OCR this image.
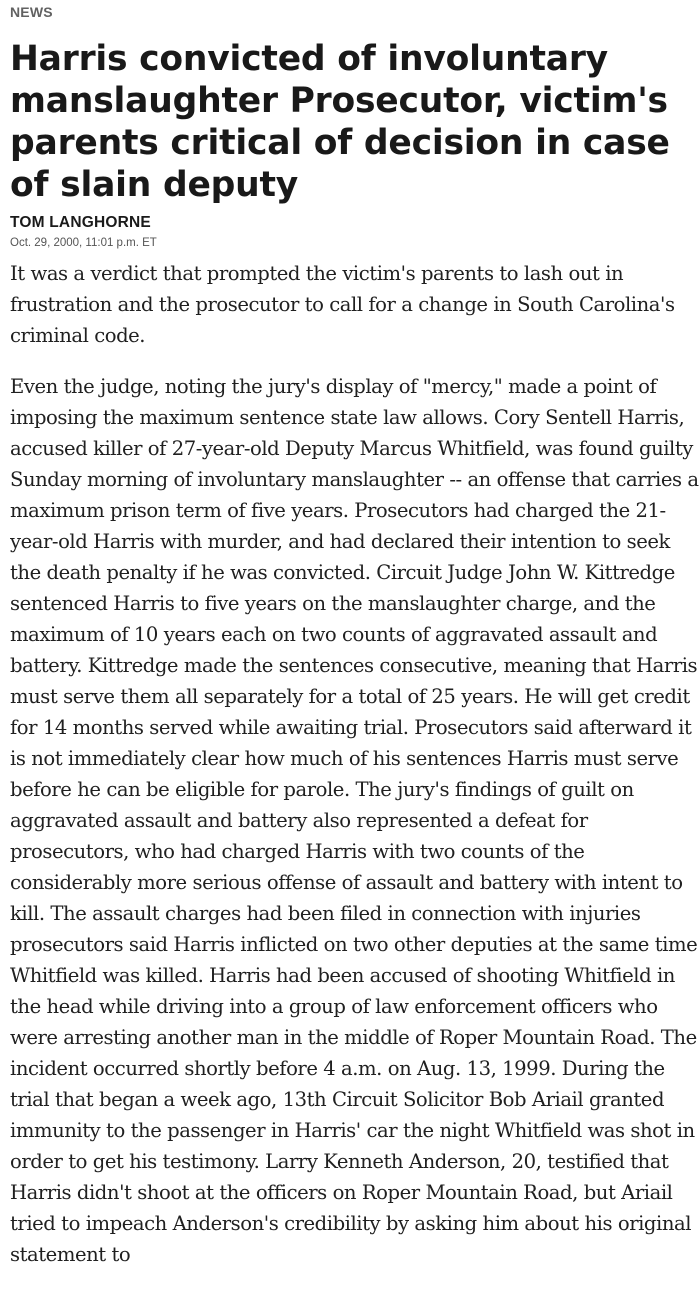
NEWS
Harris convicted of involuntary manslaughter Prosecutor, victim's parents critical of decision in case of slain deputy
TOM LANGHORNE
Oct. 29, 2000, 11:01 p.m. ET

It was a verdict that prompted the victim's parents to lash out in frustration and the prosecutor to call for a change in South Carolina's criminal code.

Even the judge, noting the jury's display of "mercy," made a point of imposing the maximum sentence state law allows. Cory Sentell Harris, accused killer of 27-year-old Deputy Marcus Whitfield, was found guilty Sunday morning of involuntary manslaughter -- an offense that carries a maximum prison term of five years. Prosecutors had charged the 21-year-old Harris with murder, and had declared their intention to seek the death penalty if he was convicted. Circuit Judge John W. Kittredge sentenced Harris to five years on the manslaughter charge, and the maximum of 10 years each on two counts of aggravated assault and battery. Kittredge made the sentences consecutive, meaning that Harris must serve them all separately for a total of 25 years. He will get credit for 14 months served while awaiting trial. Prosecutors said afterward it is not immediately clear how much of his sentences Harris must serve before he can be eligible for parole. The jury's findings of guilt on aggravated assault and battery also represented a defeat for prosecutors, who had charged Harris with two counts of the considerably more serious offense of assault and battery with intent to kill. The assault charges had been filed in connection with injuries prosecutors said Harris inflicted on two other deputies at the same time Whitfield was killed. Harris had been accused of shooting Whitfield in the head while driving into a group of law enforcement officers who were arresting another man in the middle of Roper Mountain Road. The incident occurred shortly before 4 a.m. on Aug. 13, 1999. During the trial that began a week ago, 13th Circuit Solicitor Bob Ariail granted immunity to the passenger in Harris' car the night Whitfield was shot in order to get his testimony. Larry Kenneth Anderson, 20, testified that Harris didn't shoot at the officers on Roper Mountain Road, but Ariail tried to impeach Anderson's credibility by asking him about his original statement to
